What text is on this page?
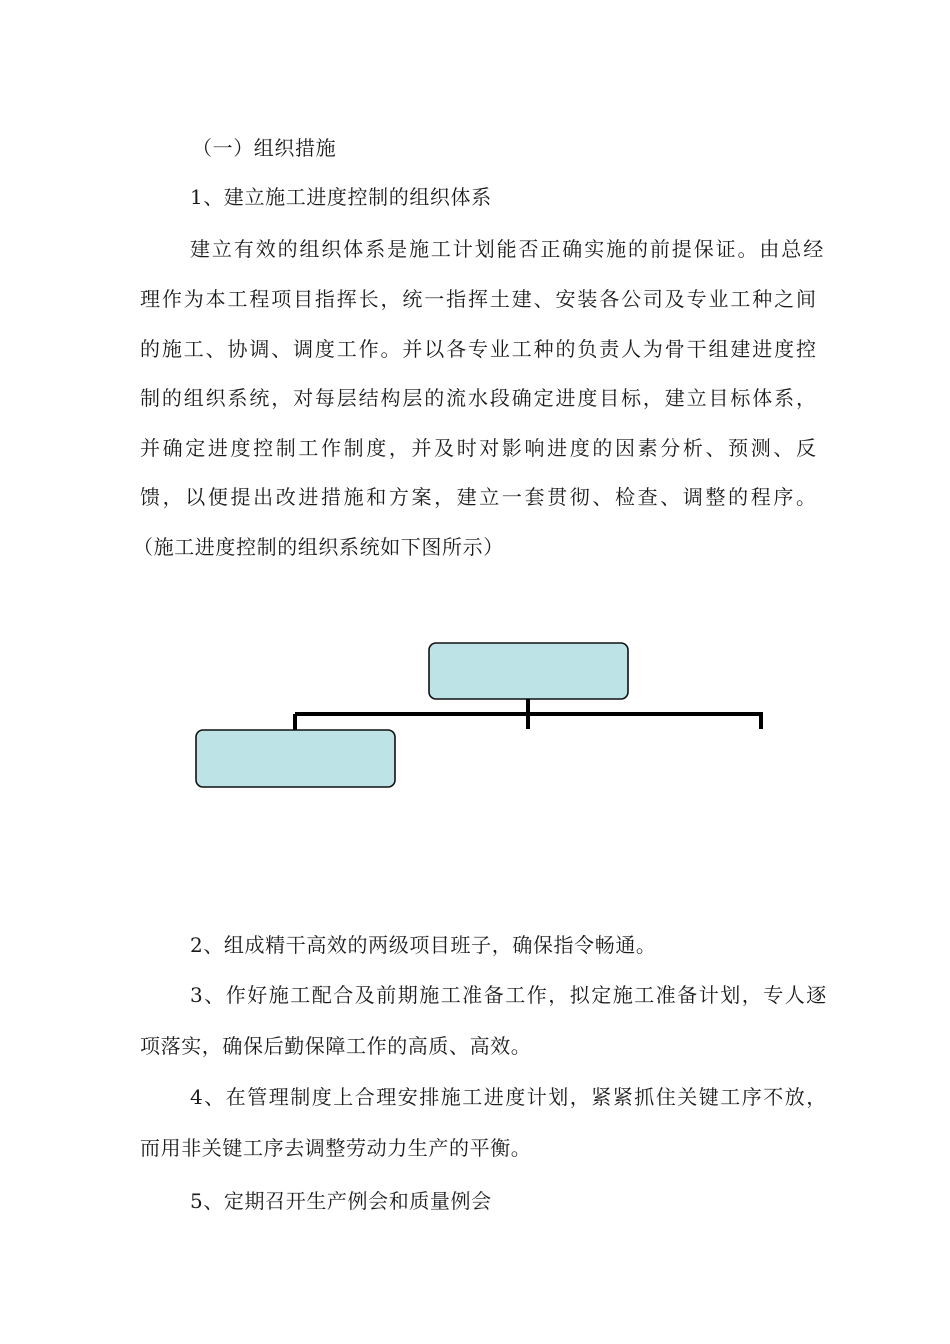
（一）组织措施
1、建立施工进度控制的组织体系
建立有效的组织体系是施工计划能否正确实施的前提保证。由总经
理作为本工程项目指挥长，统一指挥土建、安装各公司及专业工种之间
的施工、协调、调度工作。并以各专业工种的负责人为骨干组建进度控
制的组织系统，对每层结构层的流水段确定进度目标，建立目标体系，
并确定进度控制工作制度，并及时对影响进度的因素分析、预测、反
馈，以便提出改进措施和方案，建立一套贯彻、检查、调整的程序。
（施工进度控制的组织系统如下图所示）
2、组成精干高效的两级项目班子，确保指令畅通。
3、作好施工配合及前期施工准备工作，拟定施工准备计划，专人逐
项落实，确保后勤保障工作的高质、高效。
4、在管理制度上合理安排施工进度计划，紧紧抓住关键工序不放，
而用非关键工序去调整劳动力生产的平衡。
5、定期召开生产例会和质量例会
